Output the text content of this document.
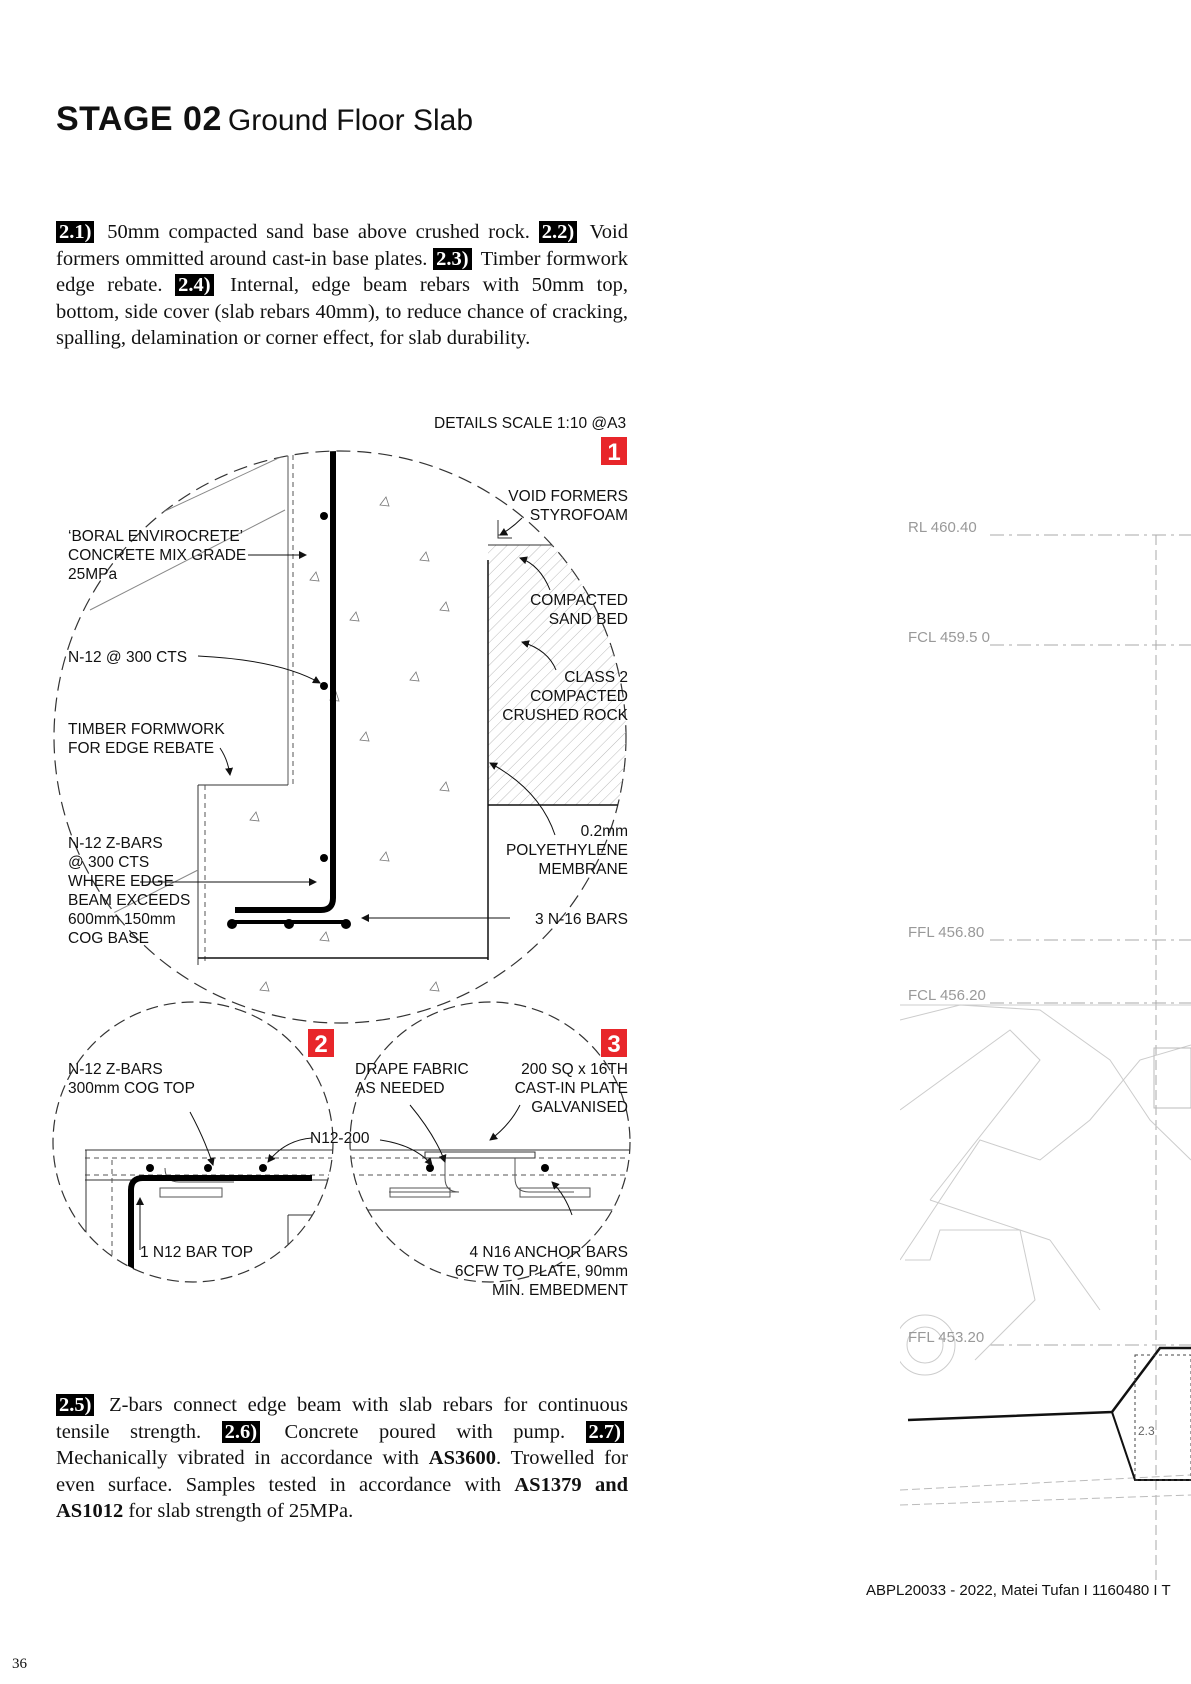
STAGE 02 Ground Floor Slab
2.1) 50mm compacted sand base above crushed rock. 2.2) Void formers ommitted around cast-in base plates. 2.3) Timber formwork edge rebate. 2.4) Internal, edge beam rebars with 50mm top, bottom, side cover (slab rebars 40mm), to reduce chance of cracking, spalling, delamination or corner effect, for slab durability.
DETAILS SCALE 1:10 @A3
1
‘BORAL ENVIROCRETE’
CONCRETE MIX GRADE
25MPa
N-12 @ 300 CTS
TIMBER FORMWORK
FOR EDGE REBATE
N-12 Z-BARS
@ 300 CTS
WHERE EDGE
BEAM EXCEEDS
600mm 150mm
COG BASE
VOID FORMERS
STYROFOAM
COMPACTED
SAND BED
CLASS 2
COMPACTED
CRUSHED ROCK
0.2mm
POLYETHYLENE
MEMBRANE
3 N-16 BARS
2
N-12 Z-BARS
300mm COG TOP
N12-200
1 N12 BAR TOP
3
DRAPE FABRIC
AS NEEDED
200 SQ x 16TH
CAST-IN PLATE
GALVANISED
4 N16 ANCHOR BARS
6CFW TO PLATE, 90mm
MIN. EMBEDMENT
2.5) Z-bars connect edge beam with slab rebars for continuous tensile strength. 2.6) Concrete poured with pump. 2.7) Mechanically vibrated in accordance with AS3600. Trowelled for even surface. Samples tested in accordance with AS1379 and AS1012 for slab strength of 25MPa.
RL 460.40
FCL 459.5 0
FFL 456.80
FCL 456.20
FFL 453.20
2.3
ABPL20033 - 2022, Matei Tufan I 1160480 I T
36
